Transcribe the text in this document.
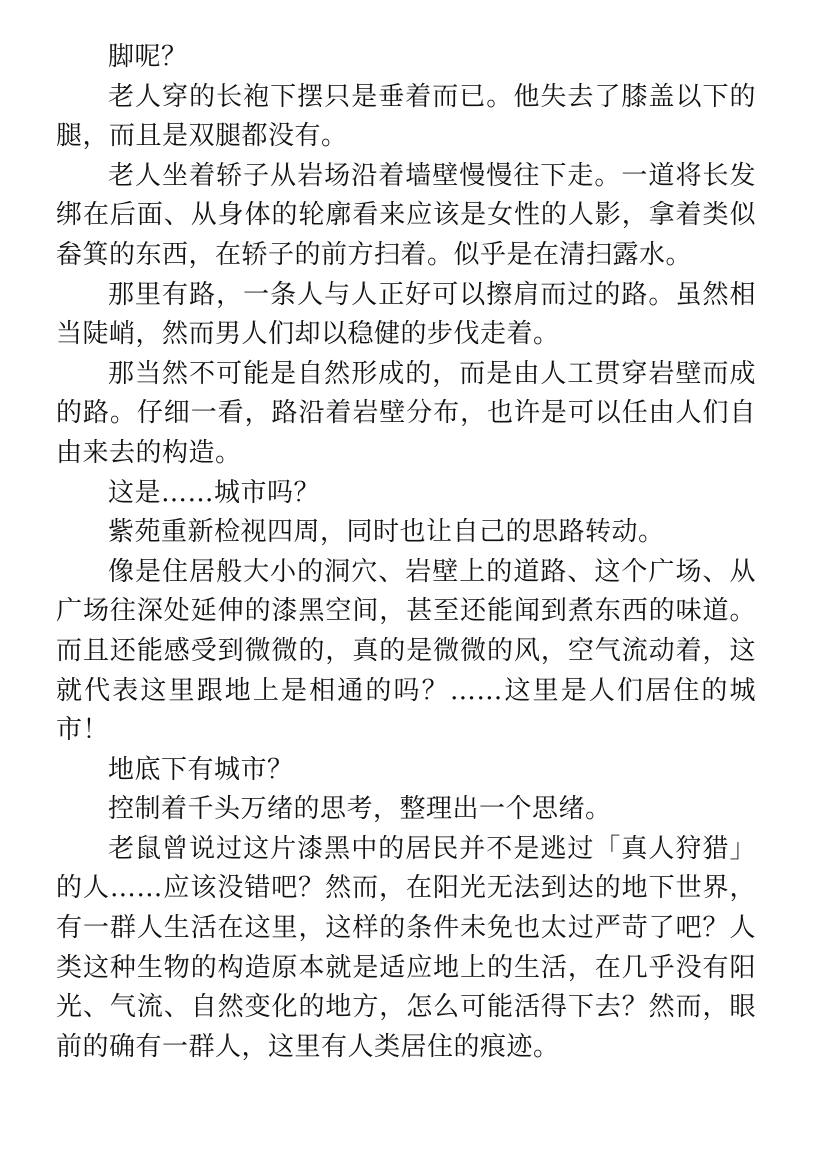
脚呢？

老人穿的长袍下摆只是垂着而已。他失去了膝盖以下的腿，而且是双腿都没有。

老人坐着轿子从岩场沿着墙壁慢慢往下走。一道将长发绑在后面、从身体的轮廓看来应该是女性的人影，拿着类似畚箕的东西，在轿子的前方扫着。似乎是在清扫露水。

那里有路，一条人与人正好可以擦肩而过的路。虽然相当陡峭，然而男人们却以稳健的步伐走着。

那当然不可能是自然形成的，而是由人工贯穿岩壁而成的路。仔细一看，路沿着岩壁分布，也许是可以任由人们自由来去的构造。

这是……城市吗？

紫苑重新检视四周，同时也让自己的思路转动。

像是住居般大小的洞穴、岩壁上的道路、这个广场、从广场往深处延伸的漆黑空间，甚至还能闻到煮东西的味道。而且还能感受到微微的，真的是微微的风，空气流动着，这就代表这里跟地上是相通的吗？……这里是人们居住的城市！

地底下有城市？

控制着千头万绪的思考，整理出一个思绪。

老鼠曾说过这片漆黑中的居民并不是逃过「真人狩猎」的人……应该没错吧？然而，在阳光无法到达的地下世界，有一群人生活在这里，这样的条件未免也太过严苛了吧？人类这种生物的构造原本就是适应地上的生活，在几乎没有阳光、气流、自然变化的地方，怎么可能活得下去？然而，眼前的确有一群人，这里有人类居住的痕迹。
